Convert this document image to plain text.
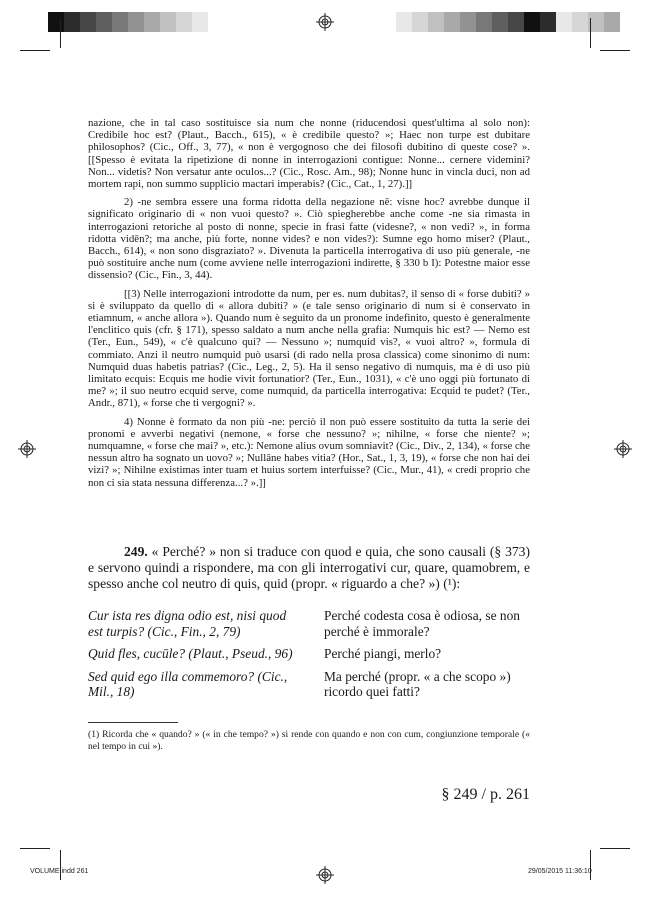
nazione, che in tal caso sostituisce sia num che nonne (riducendosi quest'ultima al solo non): Credibile hoc est? (Plaut., Bacch., 615), « è credibile questo? »; Haec non turpe est dubitare philosophos? (Cic., Off., 3, 77), « non è vergognoso che dei filosofi dubitino di queste cose? ». [[Spesso è evitata la ripetizione di nonne in interrogazioni contigue: Nonne... cernere videmini? Non... videtis? Non versatur ante oculos...? (Cic., Rosc. Am., 98); Nonne hunc in vincla duci, non ad mortem rapi, non summo supplicio mactari imperabis? (Cic., Cat., 1, 27).]]

2) -ne sembra essere una forma ridotta della negazione nē: visne hoc? avrebbe dunque il significato originario di « non vuoi questo? ». Ciò spiegherebbe anche come -ne sia rimasta in interrogazioni retoriche al posto di nonne, specie in frasi fatte (videsne?, « non vedi? », in forma ridotta vidēn?; ma anche, più forte, nonne vides? e non vides?): Sumne ego homo miser? (Plaut., Bacch., 614), « non sono disgraziato? ». Divenuta la particella interrogativa di uso più generale, -ne può sostituire anche num (come avviene nelle interrogazioni indirette, § 330 b I): Potestne maior esse dissensio? (Cic., Fin., 3, 44).

[[3) Nelle interrogazioni introdotte da num, per es. num dubitas?, il senso di « forse dubiti? » si è sviluppato da quello di « allora dubiti? » (e tale senso originario di num si è conservato in etiamnum, « anche allora »). Quando num è seguito da un pronome indefinito, questo è generalmente l'enclitico quis (cfr. § 171), spesso saldato a num anche nella grafia: Numquis hic est? — Nemo est (Ter., Eun., 549), « c'è qualcuno qui? — Nessuno »; numquid vis?, « vuoi altro? », formula di commiato. Anzi il neutro numquid può usarsi (di rado nella prosa classica) come sinonimo di num: Numquid duas habetis patrias? (Cic., Leg., 2, 5). Ha il senso negativo di numquis, ma è di uso più limitato ecquis: Ecquis me hodie vivit fortunatior? (Ter., Eun., 1031), « c'è uno oggi più fortunato di me? »; il suo neutro ecquid serve, come numquid, da particella interrogativa: Ecquid te pudet? (Ter., Andr., 871), « forse che ti vergogni? ».

4) Nonne è formato da non più -ne: perciò il non può essere sostituito da tutta la serie dei pronomi e avverbi negativi (nemone, « forse che nessuno? »; nihilne, « forse che niente? »; numquamne, « forse che mai? », etc.): Nemone alius ovum somniavit? (Cic., Div., 2, 134), « forse che nessun altro ha sognato un uovo? »; Nullāne habes vitia? (Hor., Sat., 1, 3, 19), « forse che non hai dei vizi? »; Nihilne existimas inter tuam et huius sortem interfuisse? (Cic., Mur., 41), « credi proprio che non ci sia stata nessuna differenza...? ».]]

249. « Perché? » non si traduce con quod e quia, che sono causali (§ 373) e servono quindi a rispondere, ma con gli interrogativi cur, quare, quamobrem, e spesso anche col neutro di quis, quid (propr. « riguardo a che? ») (¹):
Cur ista res digna odio est, nisi quod est turpis? (Cic., Fin., 2, 79)	Perché codesta cosa è odiosa, se non perché è immorale?
Quid fles, cucūle? (Plaut., Pseud., 96)	Perché piangi, merlo?
Sed quid ego illa commemoro? (Cic., Mil., 18)	Ma perché (propr. « a che scopo ») ricordo quei fatti?
(1) Ricorda che « quando? » (« in che tempo? ») si rende con quando e non con cum, congiunzione temporale (« nel tempo in cui »).
§ 249 / p. 261
VOLUME.indd 261	29/05/2015 11:36:10
